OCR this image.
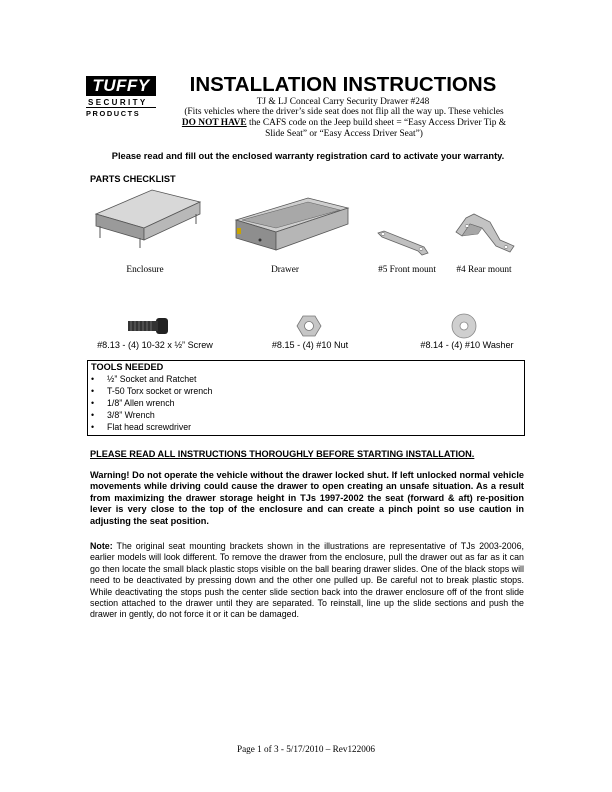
TUFFY
SECURITY
PRODUCTS
INSTALLATION INSTRUCTIONS
TJ & LJ Conceal Carry Security Drawer #248
(Fits vehicles where the driver’s side seat does not flip all the way up. These vehicles
DO NOT HAVE the CAFS code on the Jeep build sheet = “Easy Access Driver Tip &
Slide Seat” or “Easy Access Driver Seat”)
Please read and fill out the enclosed warranty registration card to activate your warranty.
PARTS CHECKLIST
Enclosure	Drawer	#5 Front mount	#4 Rear mount
#8.13 - (4) 10-32 x ½” Screw	#8.15 - (4) #10 Nut	#8.14 - (4) #10 Washer
TOOLS NEEDED
• ½” Socket and Ratchet
• T-50 Torx socket or wrench
• 1/8” Allen wrench
• 3/8” Wrench
• Flat head screwdriver
PLEASE READ ALL INSTRUCTIONS THOROUGHLY BEFORE STARTING INSTALLATION.
Warning! Do not operate the vehicle without the drawer locked shut. If left unlocked normal vehicle movements while driving could cause the drawer to open creating an unsafe situation. As a result from maximizing the drawer storage height in TJs 1997-2002 the seat (forward & aft) re-position lever is very close to the top of the enclosure and can create a pinch point so use caution in adjusting the seat position.
Note: The original seat mounting brackets shown in the illustrations are representative of TJs 2003-2006, earlier models will look different. To remove the drawer from the enclosure, pull the drawer out as far as it can go then locate the small black plastic stops visible on the ball bearing drawer slides. One of the black stops will need to be deactivated by pressing down and the other one pulled up. Be careful not to break plastic stops. While deactivating the stops push the center slide section back into the drawer enclosure off of the front slide section attached to the drawer until they are separated. To reinstall, line up the slide sections and push the drawer in gently, do not force it or it can be damaged.
Page 1 of 3 - 5/17/2010 – Rev122006
